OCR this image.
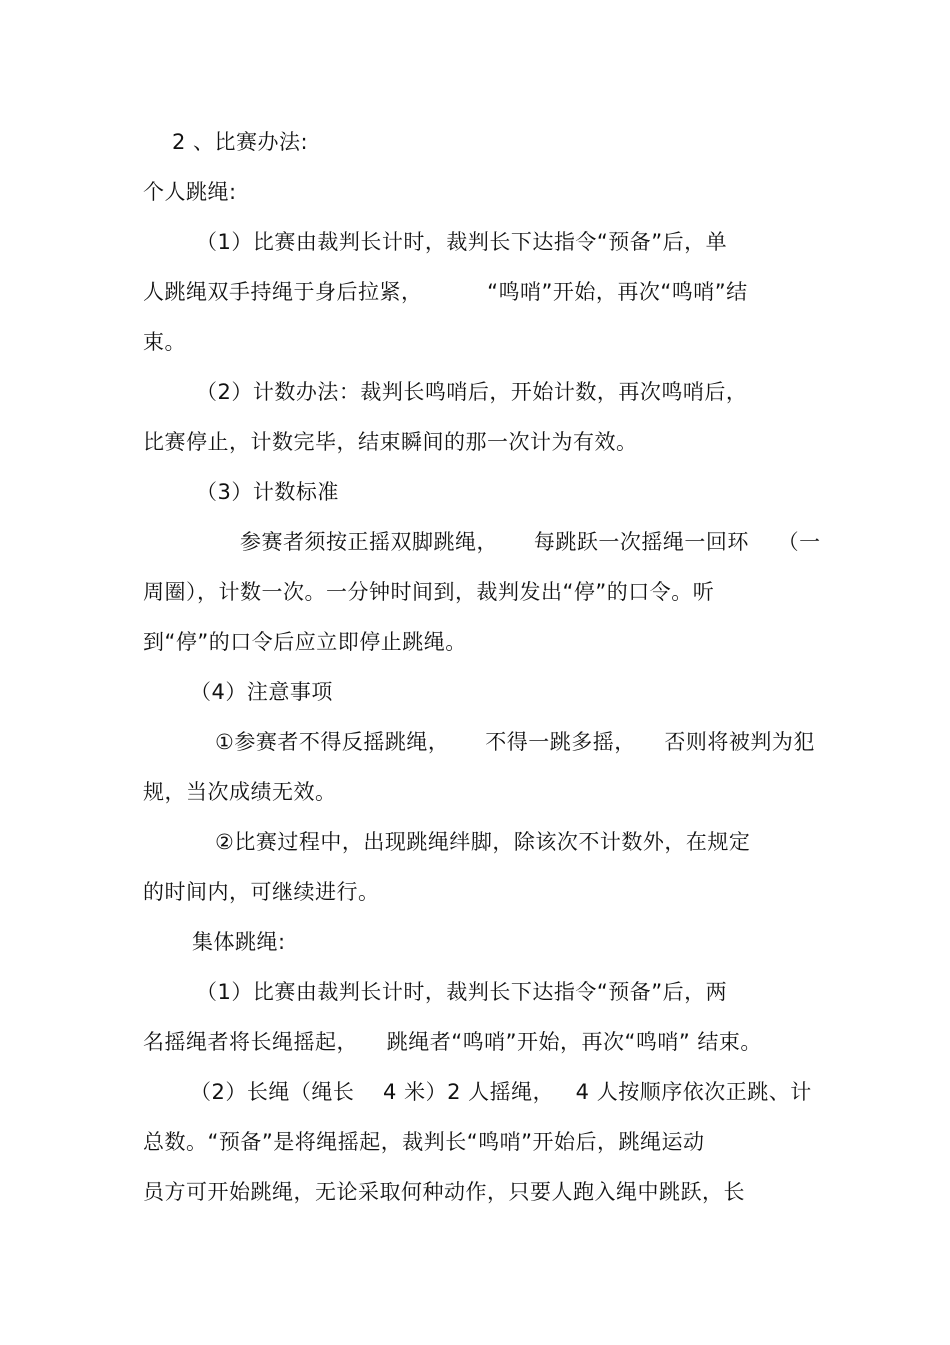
2 、比赛办法:
个人跳绳:
（1）比赛由裁判长计时，裁判长下达指令“预备”后，单
人跳绳双手持绳于身后拉紧，         “鸣哨”开始，再次“鸣哨”结
束。
（2）计数办法：裁判长鸣哨后，开始计数，再次鸣哨后，
比赛停止，计数完毕，结束瞬间的那一次计为有效。
（3）计数标准
参赛者须按正摇双脚跳绳，     每跳跃一次摇绳一回环    （一
周圈），计数一次。一分钟时间到，裁判发出“停”的口令。听
到“停”的口令后应立即停止跳绳。
（4）注意事项
①参赛者不得反摇跳绳，     不得一跳多摇，    否则将被判为犯
规，当次成绩无效。
②比赛过程中，出现跳绳绊脚，除该次不计数外，在规定
的时间内，可继续进行。
集体跳绳:
（1）比赛由裁判长计时，裁判长下达指令“预备”后，两
名摇绳者将长绳摇起，    跳绳者“鸣哨”开始，再次“鸣哨” 结束。
（2）长绳（绳长    4 米）2 人摇绳，   4 人按顺序依次正跳、计
总数。“预备”是将绳摇起，裁判长“鸣哨”开始后，跳绳运动
员方可开始跳绳，无论采取何种动作，只要人跑入绳中跳跃，长
